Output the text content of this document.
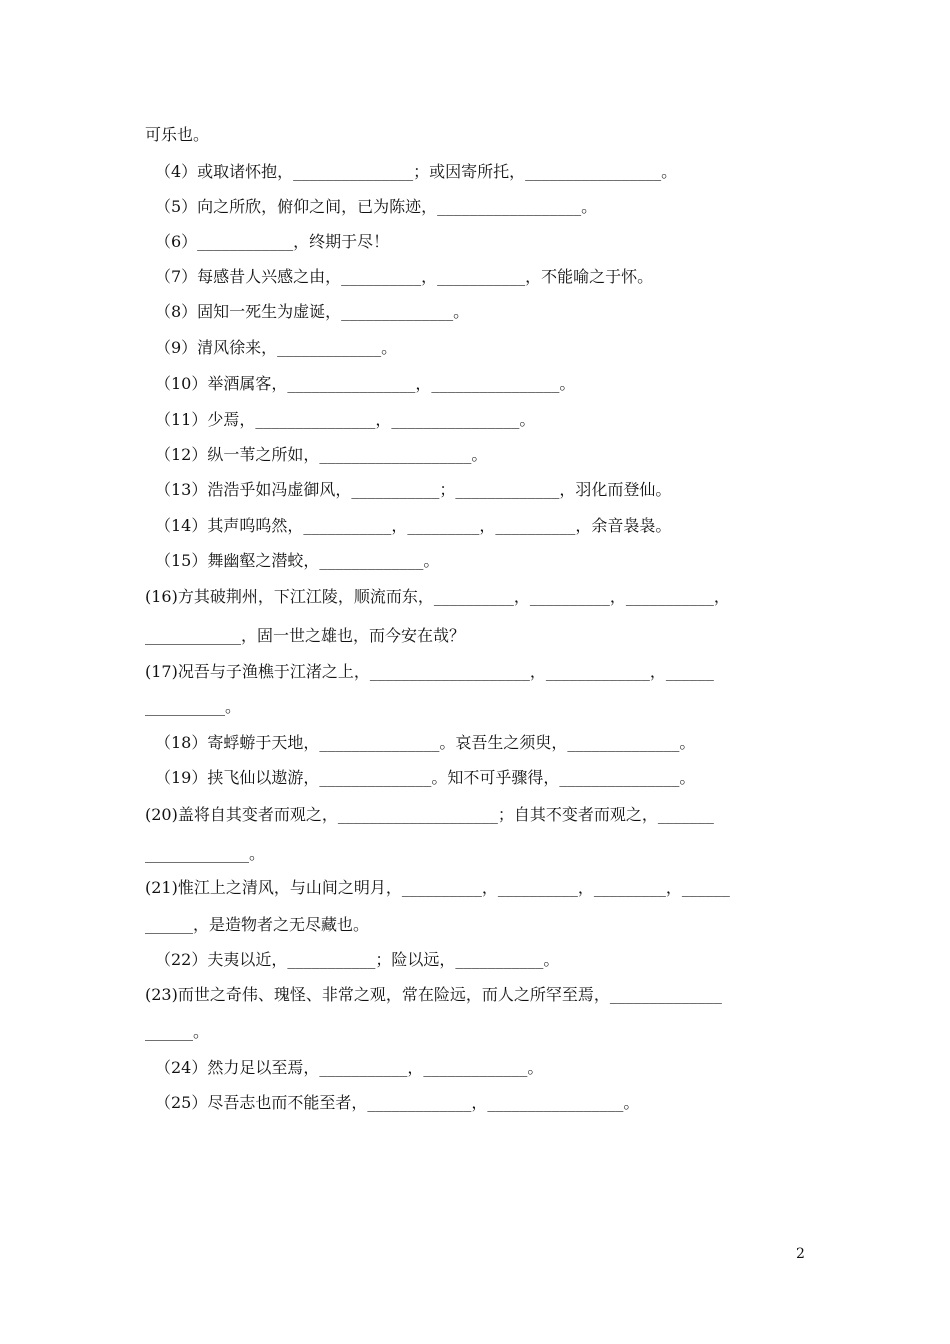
可乐也。
（4）或取诸怀抱，_______________；或因寄所托，_________________。
（5）向之所欣，俯仰之间，已为陈迹，__________________。
（6）____________，终期于尽！
（7）每感昔人兴感之由，__________，___________，不能喻之于怀。
（8）固知一死生为虚诞，______________。
（9）清风徐来，_____________。
（10）举酒属客，________________，________________。
（11）少焉，_______________，________________。
（12）纵一苇之所如，___________________。
（13）浩浩乎如冯虚御风，___________；_____________，羽化而登仙。
（14）其声呜呜然，___________，_________，__________，余音袅袅。
（15）舞幽壑之潜蛟，_____________。
(16)方其破荆州，下江江陵，顺流而东，__________，__________，___________，
____________，固一世之雄也，而今安在哉？
(17)况吾与子渔樵于江渚之上，____________________，_____________，______
__________。
（18）寄蜉蝣于天地，_______________。哀吾生之须臾，______________。
（19）挟飞仙以遨游，______________。知不可乎骤得，_______________。
(20)盖将自其变者而观之，____________________；自其不变者而观之，_______
_____________。
(21)惟江上之清风，与山间之明月，__________，__________，_________，______
______，是造物者之无尽藏也。
（22）夫夷以近，___________；险以远，___________。
(23)而世之奇伟、瑰怪、非常之观，常在险远，而人之所罕至焉，______________
______。
（24）然力足以至焉，___________，_____________。
（25）尽吾志也而不能至者，_____________，_________________。
2
